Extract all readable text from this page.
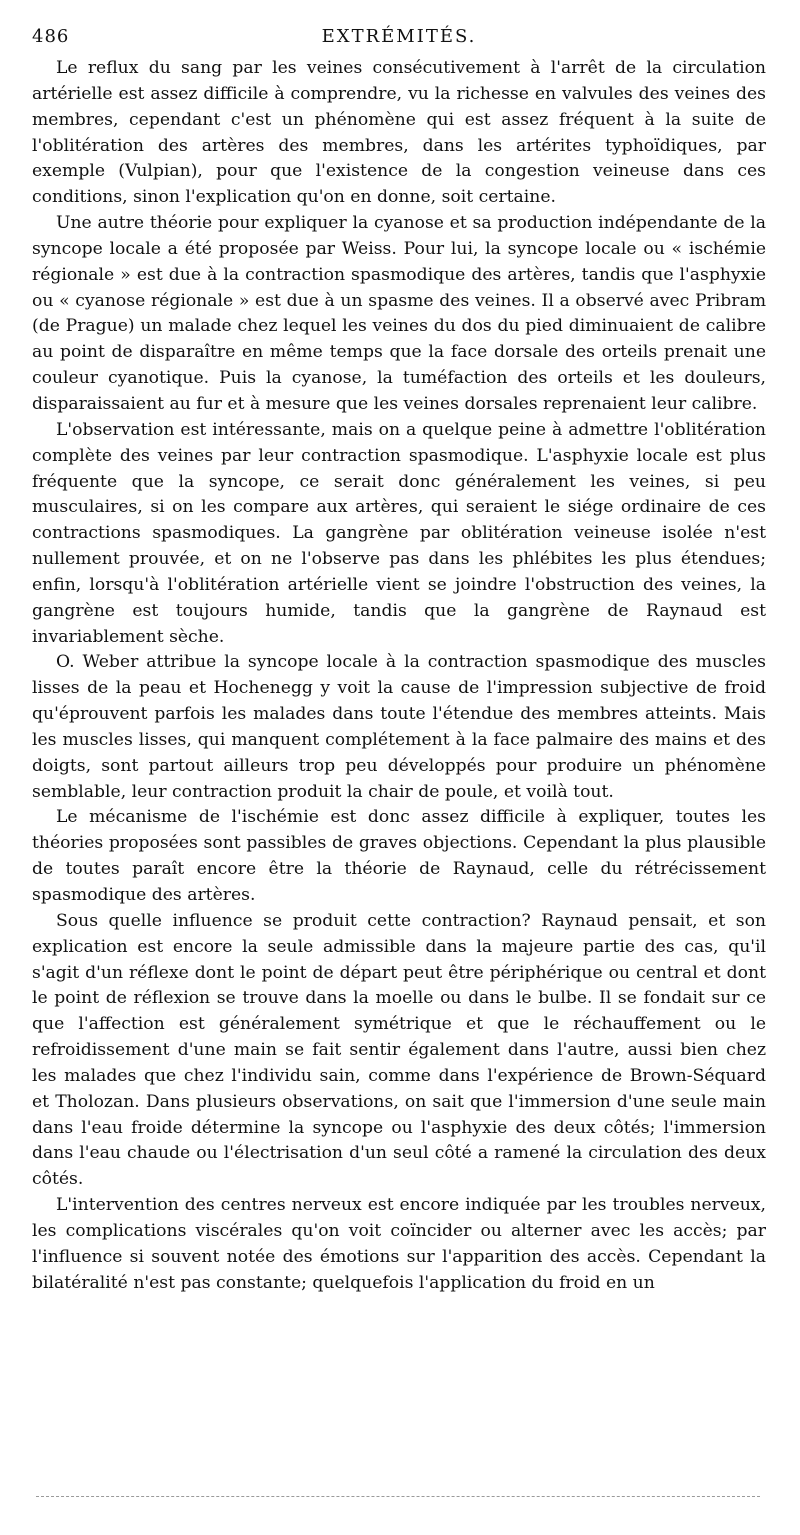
486	EXTRÉMITÉS.

Le reflux du sang par les veines consécutivement à l'arrêt de la circulation artérielle est assez difficile à comprendre, vu la richesse en valvules des veines des membres, cependant c'est un phénomène qui est assez fréquent à la suite de l'oblitération des artères des membres, dans les artérites typhoïdiques, par exemple (Vulpian), pour que l'existence de la congestion veineuse dans ces conditions, sinon l'explication qu'on en donne, soit certaine.

Une autre théorie pour expliquer la cyanose et sa production indépendante de la syncope locale a été proposée par Weiss. Pour lui, la syncope locale ou « ischémie régionale » est due à la contraction spasmodique des artères, tandis que l'asphyxie ou « cyanose régionale » est due à un spasme des veines. Il a observé avec Pribram (de Prague) un malade chez lequel les veines du dos du pied diminuaient de calibre au point de disparaître en même temps que la face dorsale des orteils prenait une couleur cyanotique. Puis la cyanose, la tuméfaction des orteils et les douleurs, disparaissaient au fur et à mesure que les veines dorsales reprenaient leur calibre.

L'observation est intéressante, mais on a quelque peine à admettre l'oblitération complète des veines par leur contraction spasmodique. L'asphyxie locale est plus fréquente que la syncope, ce serait donc généralement les veines, si peu musculaires, si on les compare aux artères, qui seraient le siége ordinaire de ces contractions spasmodiques. La gangrène par oblitération veineuse isolée n'est nullement prouvée, et on ne l'observe pas dans les phlébites les plus étendues; enfin, lorsqu'à l'oblitération artérielle vient se joindre l'obstruction des veines, la gangrène est toujours humide, tandis que la gangrène de Raynaud est invariablement sèche.

O. Weber attribue la syncope locale à la contraction spasmodique des muscles lisses de la peau et Hochenegg y voit la cause de l'impression subjective de froid qu'éprouvent parfois les malades dans toute l'étendue des membres atteints. Mais les muscles lisses, qui manquent complétement à la face palmaire des mains et des doigts, sont partout ailleurs trop peu développés pour produire un phénomène semblable, leur contraction produit la chair de poule, et voilà tout.

Le mécanisme de l'ischémie est donc assez difficile à expliquer, toutes les théories proposées sont passibles de graves objections. Cependant la plus plausible de toutes paraît encore être la théorie de Raynaud, celle du rétrécissement spasmodique des artères.

Sous quelle influence se produit cette contraction? Raynaud pensait, et son explication est encore la seule admissible dans la majeure partie des cas, qu'il s'agit d'un réflexe dont le point de départ peut être périphérique ou central et dont le point de réflexion se trouve dans la moelle ou dans le bulbe. Il se fondait sur ce que l'affection est généralement symétrique et que le réchauffement ou le refroidissement d'une main se fait sentir également dans l'autre, aussi bien chez les malades que chez l'individu sain, comme dans l'expérience de Brown-Séquard et Tholozan. Dans plusieurs observations, on sait que l'immersion d'une seule main dans l'eau froide détermine la syncope ou l'asphyxie des deux côtés; l'immersion dans l'eau chaude ou l'électrisation d'un seul côté a ramené la circulation des deux côtés.

L'intervention des centres nerveux est encore indiquée par les troubles nerveux, les complications viscérales qu'on voit coïncider ou alterner avec les accès; par l'influence si souvent notée des émotions sur l'apparition des accès. Cependant la bilatéralité n'est pas constante; quelquefois l'application du froid en un
